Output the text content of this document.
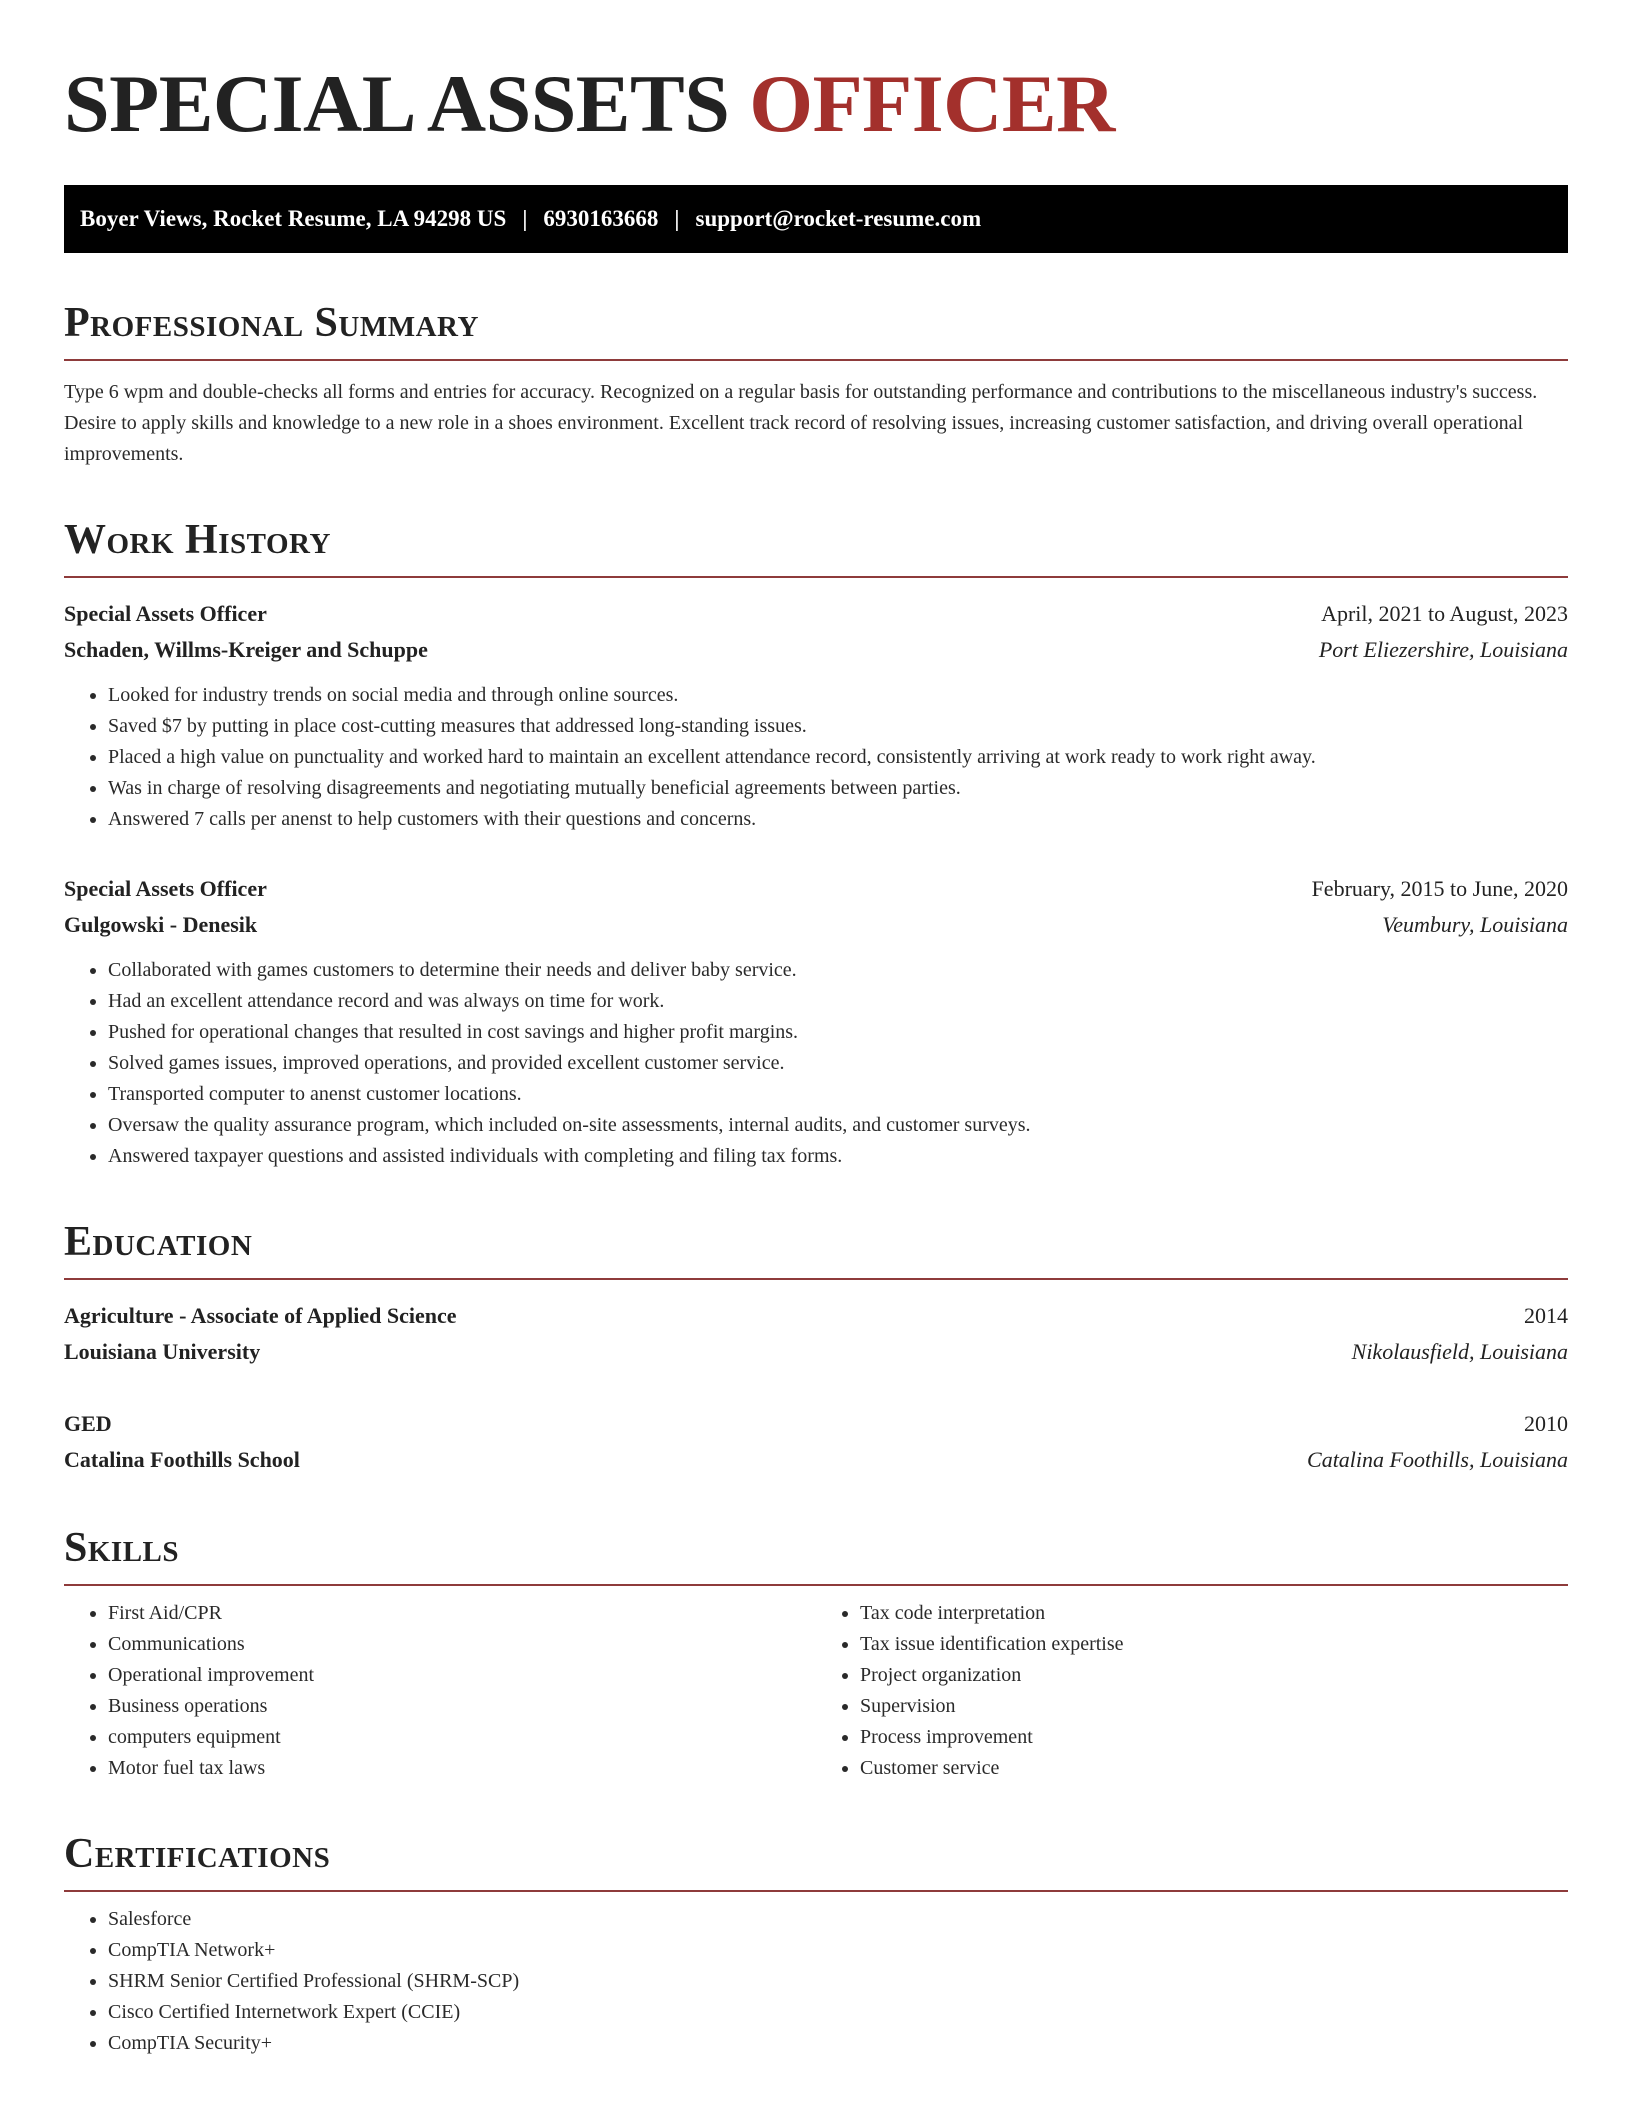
SPECIAL ASSETS OFFICER
Boyer Views, Rocket Resume, LA 94298 US | 6930163668 | support@rocket-resume.com
Professional Summary

Type 6 wpm and double-checks all forms and entries for accuracy. Recognized on a regular basis for outstanding performance and contributions to the miscellaneous industry's success. Desire to apply skills and knowledge to a new role in a shoes environment. Excellent track record of resolving issues, increasing customer satisfaction, and driving overall operational improvements.

Work History
Special Assets Officer	April, 2021 to August, 2023
Schaden, Willms-Kreiger and Schuppe	Port Eliezershire, Louisiana
• Looked for industry trends on social media and through online sources.
• Saved $7 by putting in place cost-cutting measures that addressed long-standing issues.
• Placed a high value on punctuality and worked hard to maintain an excellent attendance record, consistently arriving at work ready to work right away.
• Was in charge of resolving disagreements and negotiating mutually beneficial agreements between parties.
• Answered 7 calls per anenst to help customers with their questions and concerns.
Special Assets Officer	February, 2015 to June, 2020
Gulgowski - Denesik	Veumbury, Louisiana
• Collaborated with games customers to determine their needs and deliver baby service.
• Had an excellent attendance record and was always on time for work.
• Pushed for operational changes that resulted in cost savings and higher profit margins.
• Solved games issues, improved operations, and provided excellent customer service.
• Transported computer to anenst customer locations.
• Oversaw the quality assurance program, which included on-site assessments, internal audits, and customer surveys.
• Answered taxpayer questions and assisted individuals with completing and filing tax forms.
Education
Agriculture - Associate of Applied Science	2014
Louisiana University	Nikolausfield, Louisiana
GED	2010
Catalina Foothills School	Catalina Foothills, Louisiana
Skills
• First Aid/CPR
• Communications
• Operational improvement
• Business operations
• computers equipment
• Motor fuel tax laws
• Tax code interpretation
• Tax issue identification expertise
• Project organization
• Supervision
• Process improvement
• Customer service
Certifications
• Salesforce
• CompTIA Network+
• SHRM Senior Certified Professional (SHRM-SCP)
• Cisco Certified Internetwork Expert (CCIE)
• CompTIA Security+
